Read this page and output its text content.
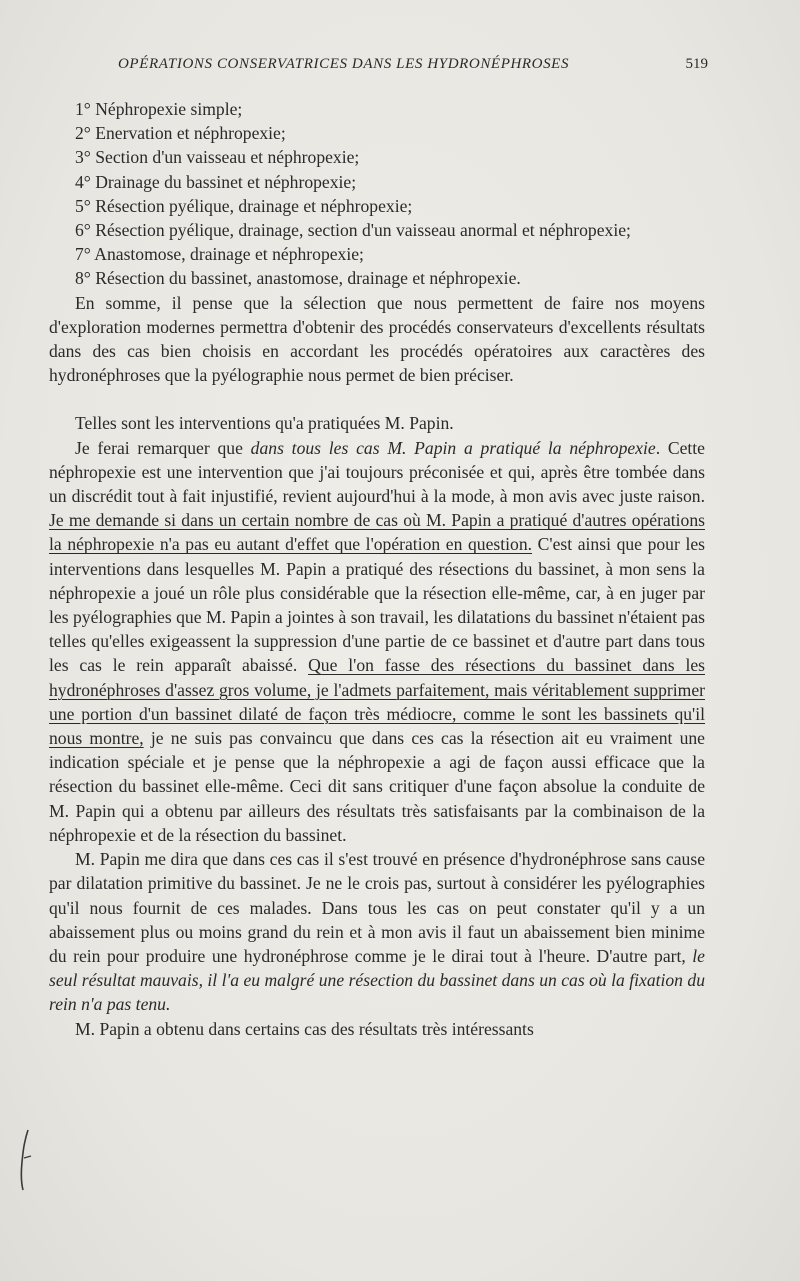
OPÉRATIONS CONSERVATRICES DANS LES HYDRONÉPHROSES	519

1° Néphropexie simple;

2° Enervation et néphropexie;

3° Section d'un vaisseau et néphropexie;

4° Drainage du bassinet et néphropexie;

5° Résection pyélique, drainage et néphropexie;

6° Résection pyélique, drainage, section d'un vaisseau anormal et néphropexie;

7° Anastomose, drainage et néphropexie;

8° Résection du bassinet, anastomose, drainage et néphropexie.

En somme, il pense que la sélection que nous permettent de faire nos moyens d'exploration modernes permettra d'obtenir des procédés conservateurs d'excellents résultats dans des cas bien choisis en accordant les procédés opératoires aux caractères des hydronéphroses que la pyélographie nous permet de bien préciser.

Telles sont les interventions qu'a pratiquées M. Papin.

Je ferai remarquer que dans tous les cas M. Papin a pratiqué la néphropexie. Cette néphropexie est une intervention que j'ai toujours préconisée et qui, après être tombée dans un discrédit tout à fait injustifié, revient aujourd'hui à la mode, à mon avis avec juste raison. Je me demande si dans un certain nombre de cas où M. Papin a pratiqué d'autres opérations la néphropexie n'a pas eu autant d'effet que l'opération en question. C'est ainsi que pour les interventions dans lesquelles M. Papin a pratiqué des résections du bassinet, à mon sens la néphropexie a joué un rôle plus considérable que la résection elle-même, car, à en juger par les pyélographies que M. Papin a jointes à son travail, les dilatations du bassinet n'étaient pas telles qu'elles exigeassent la suppression d'une partie de ce bassinet et d'autre part dans tous les cas le rein apparaît abaissé. Que l'on fasse des résections du bassinet dans les hydronéphroses d'assez gros volume, je l'admets parfaitement, mais véritablement supprimer une portion d'un bassinet dilaté de façon très médiocre, comme le sont les bassinets qu'il nous montre, je ne suis pas convaincu que dans ces cas la résection ait eu vraiment une indication spéciale et je pense que la néphropexie a agi de façon aussi efficace que la résection du bassinet elle-même. Ceci dit sans critiquer d'une façon absolue la conduite de M. Papin qui a obtenu par ailleurs des résultats très satisfaisants par la combinaison de la néphropexie et de la résection du bassinet.

M. Papin me dira que dans ces cas il s'est trouvé en présence d'hydronéphrose sans cause par dilatation primitive du bassinet. Je ne le crois pas, surtout à considérer les pyélographies qu'il nous fournit de ces malades. Dans tous les cas on peut constater qu'il y a un abaissement plus ou moins grand du rein et à mon avis il faut un abaissement bien minime du rein pour produire une hydronéphrose comme je le dirai tout à l'heure. D'autre part, le seul résultat mauvais, il l'a eu malgré une résection du bassinet dans un cas où la fixation du rein n'a pas tenu.

M. Papin a obtenu dans certains cas des résultats très intéressants
